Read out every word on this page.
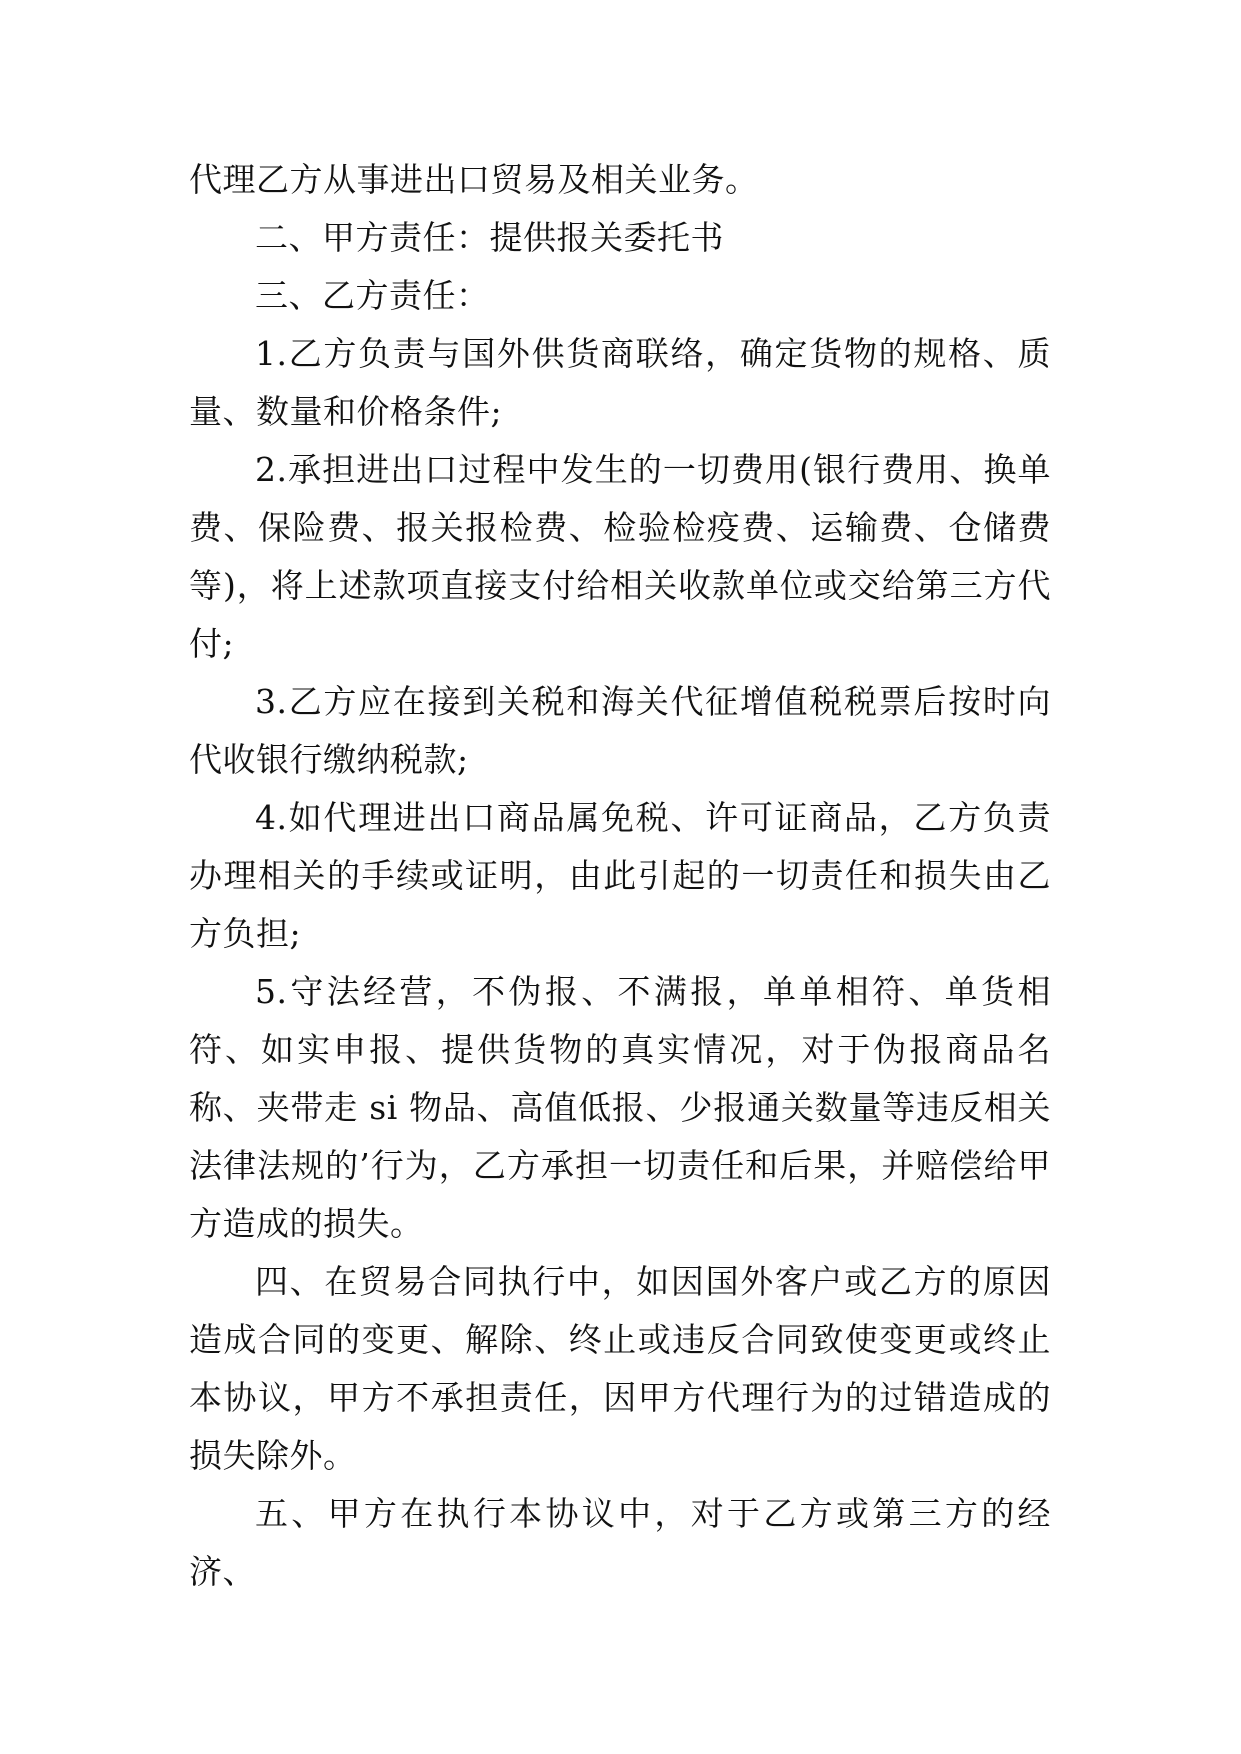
代理乙方从事进出口贸易及相关业务。

二、甲方责任：提供报关委托书

三、乙方责任：

1.乙方负责与国外供货商联络，确定货物的规格、质量、数量和价格条件;

2.承担进出口过程中发生的一切费用(银行费用、换单费、保险费、报关报检费、检验检疫费、运输费、仓储费等)，将上述款项直接支付给相关收款单位或交给第三方代付;

3.乙方应在接到关税和海关代征增值税税票后按时向代收银行缴纳税款;

4.如代理进出口商品属免税、许可证商品，乙方负责办理相关的手续或证明，由此引起的一切责任和损失由乙方负担;

5.守法经营，不伪报、不满报，单单相符、单货相符、如实申报、提供货物的真实情况，对于伪报商品名称、夹带走 si 物品、高值低报、少报通关数量等违反相关法律法规的’行为，乙方承担一切责任和后果，并赔偿给甲方造成的损失。

四、在贸易合同执行中，如因国外客户或乙方的原因造成合同的变更、解除、终止或违反合同致使变更或终止本协议，甲方不承担责任，因甲方代理行为的过错造成的损失除外。

五、甲方在执行本协议中，对于乙方或第三方的经济、
